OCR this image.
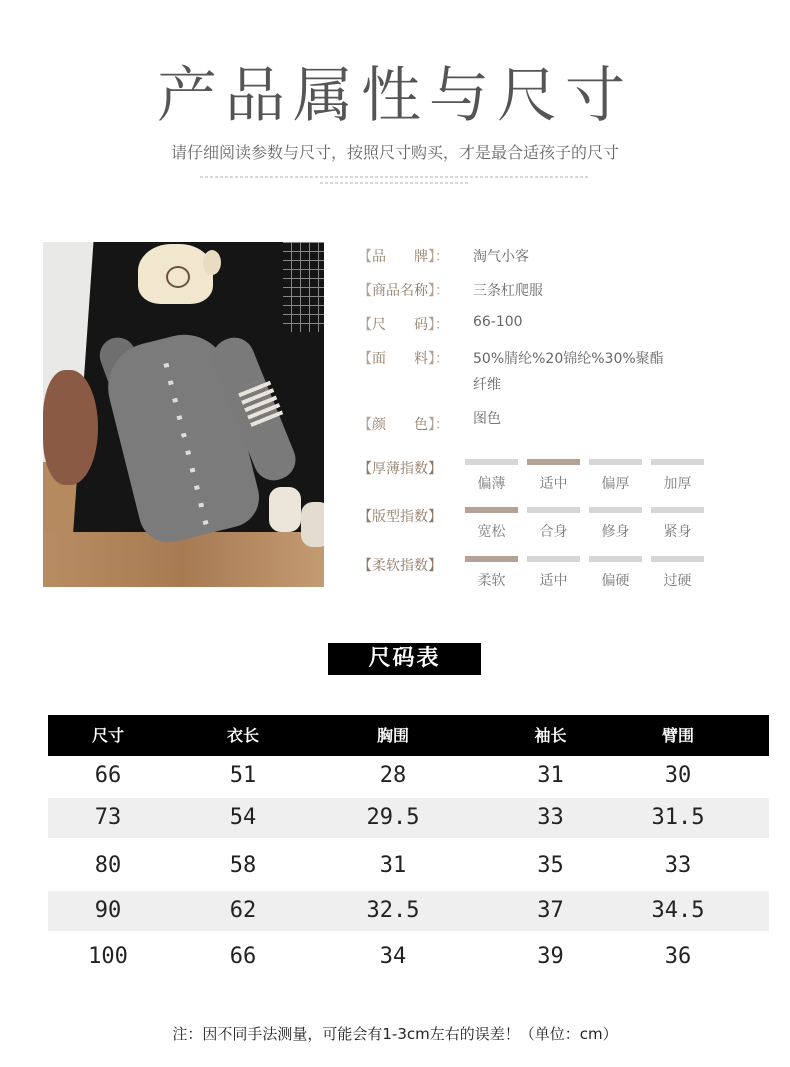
产品属性与尺寸
请仔细阅读参数与尺寸，按照尺寸购买，才是最合适孩子的尺寸
【品　　牌】： 淘气小客
【商品名称】： 三条杠爬服
【尺　　码】： 66-100
【面　　料】： 50%腈纶%20锦纶%30%聚酯
纤维
【颜　　色】： 图色
【厚薄指数】
【版型指数】
【柔软指数】
偏薄	适中	偏厚	加厚
宽松	合身	修身	紧身
柔软	适中	偏硬	过硬
尺码表
尺寸	衣长	胸围	袖长	臂围
66	51	28	31	30
73	54	29.5	33	31.5
80	58	31	35	33
90	62	32.5	37	34.5
100	66	34	39	36
注：因不同手法测量，可能会有1-3cm左右的误差！（单位：cm）
